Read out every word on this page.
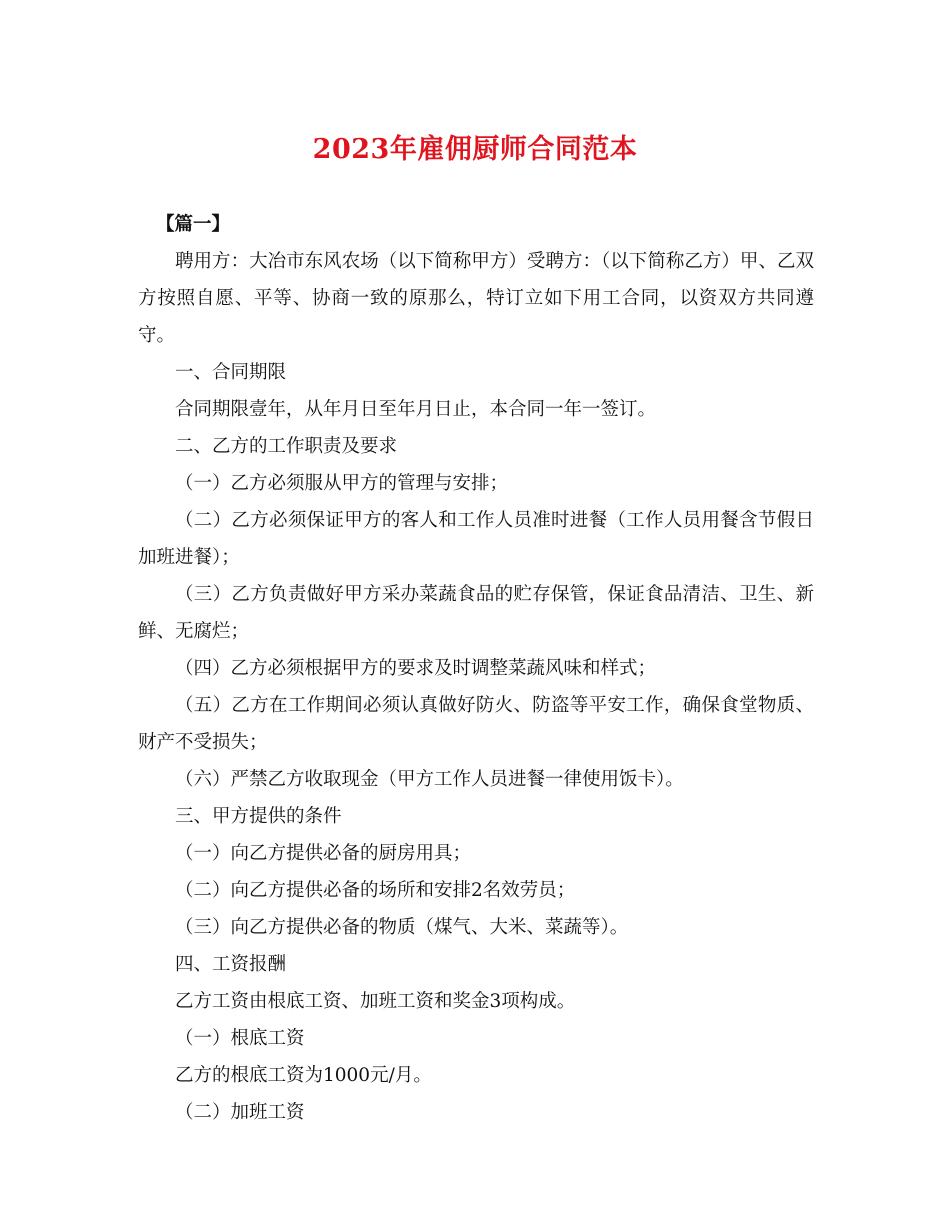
2023年雇佣厨师合同范本

【篇一】

聘用方：大冶市东风农场（以下简称甲方）受聘方：（以下简称乙方）甲、乙双方按照自愿、平等、协商一致的原那么，特订立如下用工合同，以资双方共同遵守。

一、合同期限

合同期限壹年，从年月日至年月日止，本合同一年一签订。

二、乙方的工作职责及要求

（一）乙方必须服从甲方的管理与安排；

（二）乙方必须保证甲方的客人和工作人员准时进餐（工作人员用餐含节假日加班进餐）；

（三）乙方负责做好甲方采办菜蔬食品的贮存保管，保证食品清洁、卫生、新鲜、无腐烂；

（四）乙方必须根据甲方的要求及时调整菜蔬风味和样式；

（五）乙方在工作期间必须认真做好防火、防盗等平安工作，确保食堂物质、财产不受损失；

（六）严禁乙方收取现金（甲方工作人员进餐一律使用饭卡）。

三、甲方提供的条件

（一）向乙方提供必备的厨房用具；

（二）向乙方提供必备的场所和安排2名效劳员；

（三）向乙方提供必备的物质（煤气、大米、菜蔬等）。

四、工资报酬

乙方工资由根底工资、加班工资和奖金3项构成。

（一）根底工资

乙方的根底工资为1000元/月。

（二）加班工资
